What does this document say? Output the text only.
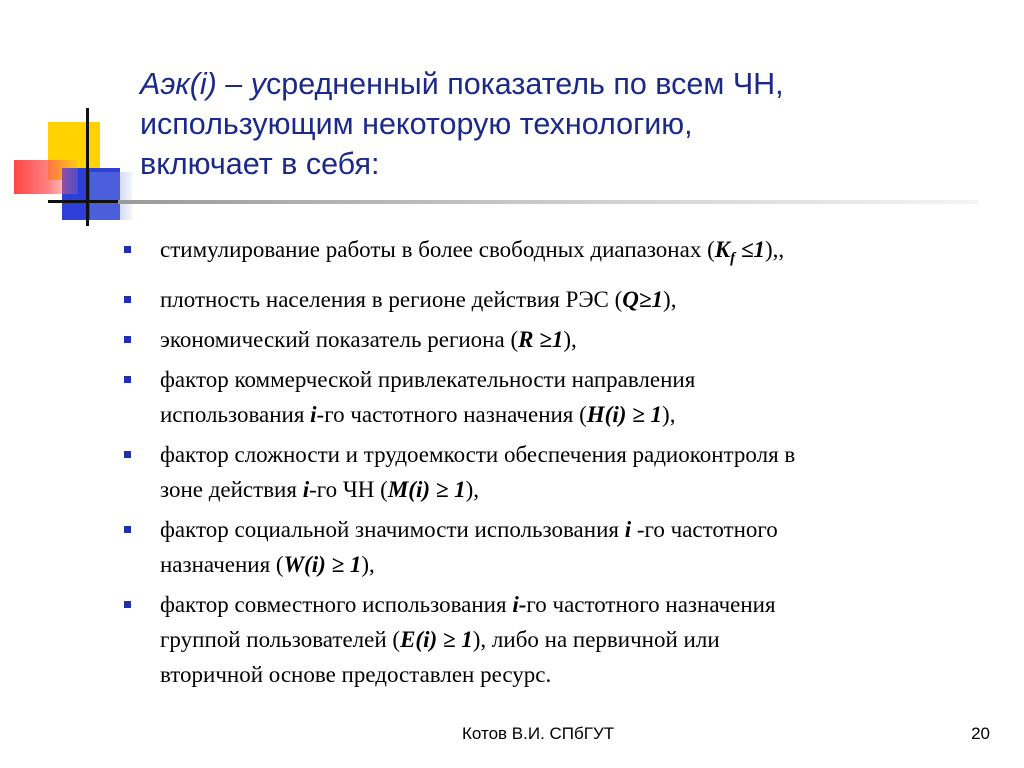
Аэк(i) – усредненный показатель по всем ЧН,
использующим некоторую технологию,
включает в себя:
стимулирование работы в более свободных диапазонах $(K_f \le 1)$,,
плотность населения в регионе действия РЭС (Q≥1),
экономический показатель региона (R ≥1),
фактор коммерческой привлекательности направления
использования i-го частотного назначения (H(i) ≥ 1),
фактор сложности и трудоемкости обеспечения радиоконтроля в
зоне действия i-го ЧН (M(i) ≥ 1),
фактор социальной значимости использования i -го частотного
назначения (W(i) ≥ 1),
фактор совместного использования i-го частотного назначения
группой пользователей (E(i) ≥ 1), либо на первичной или
вторичной основе предоставлен ресурс.
Котов В.И. СПбГУТ	20
